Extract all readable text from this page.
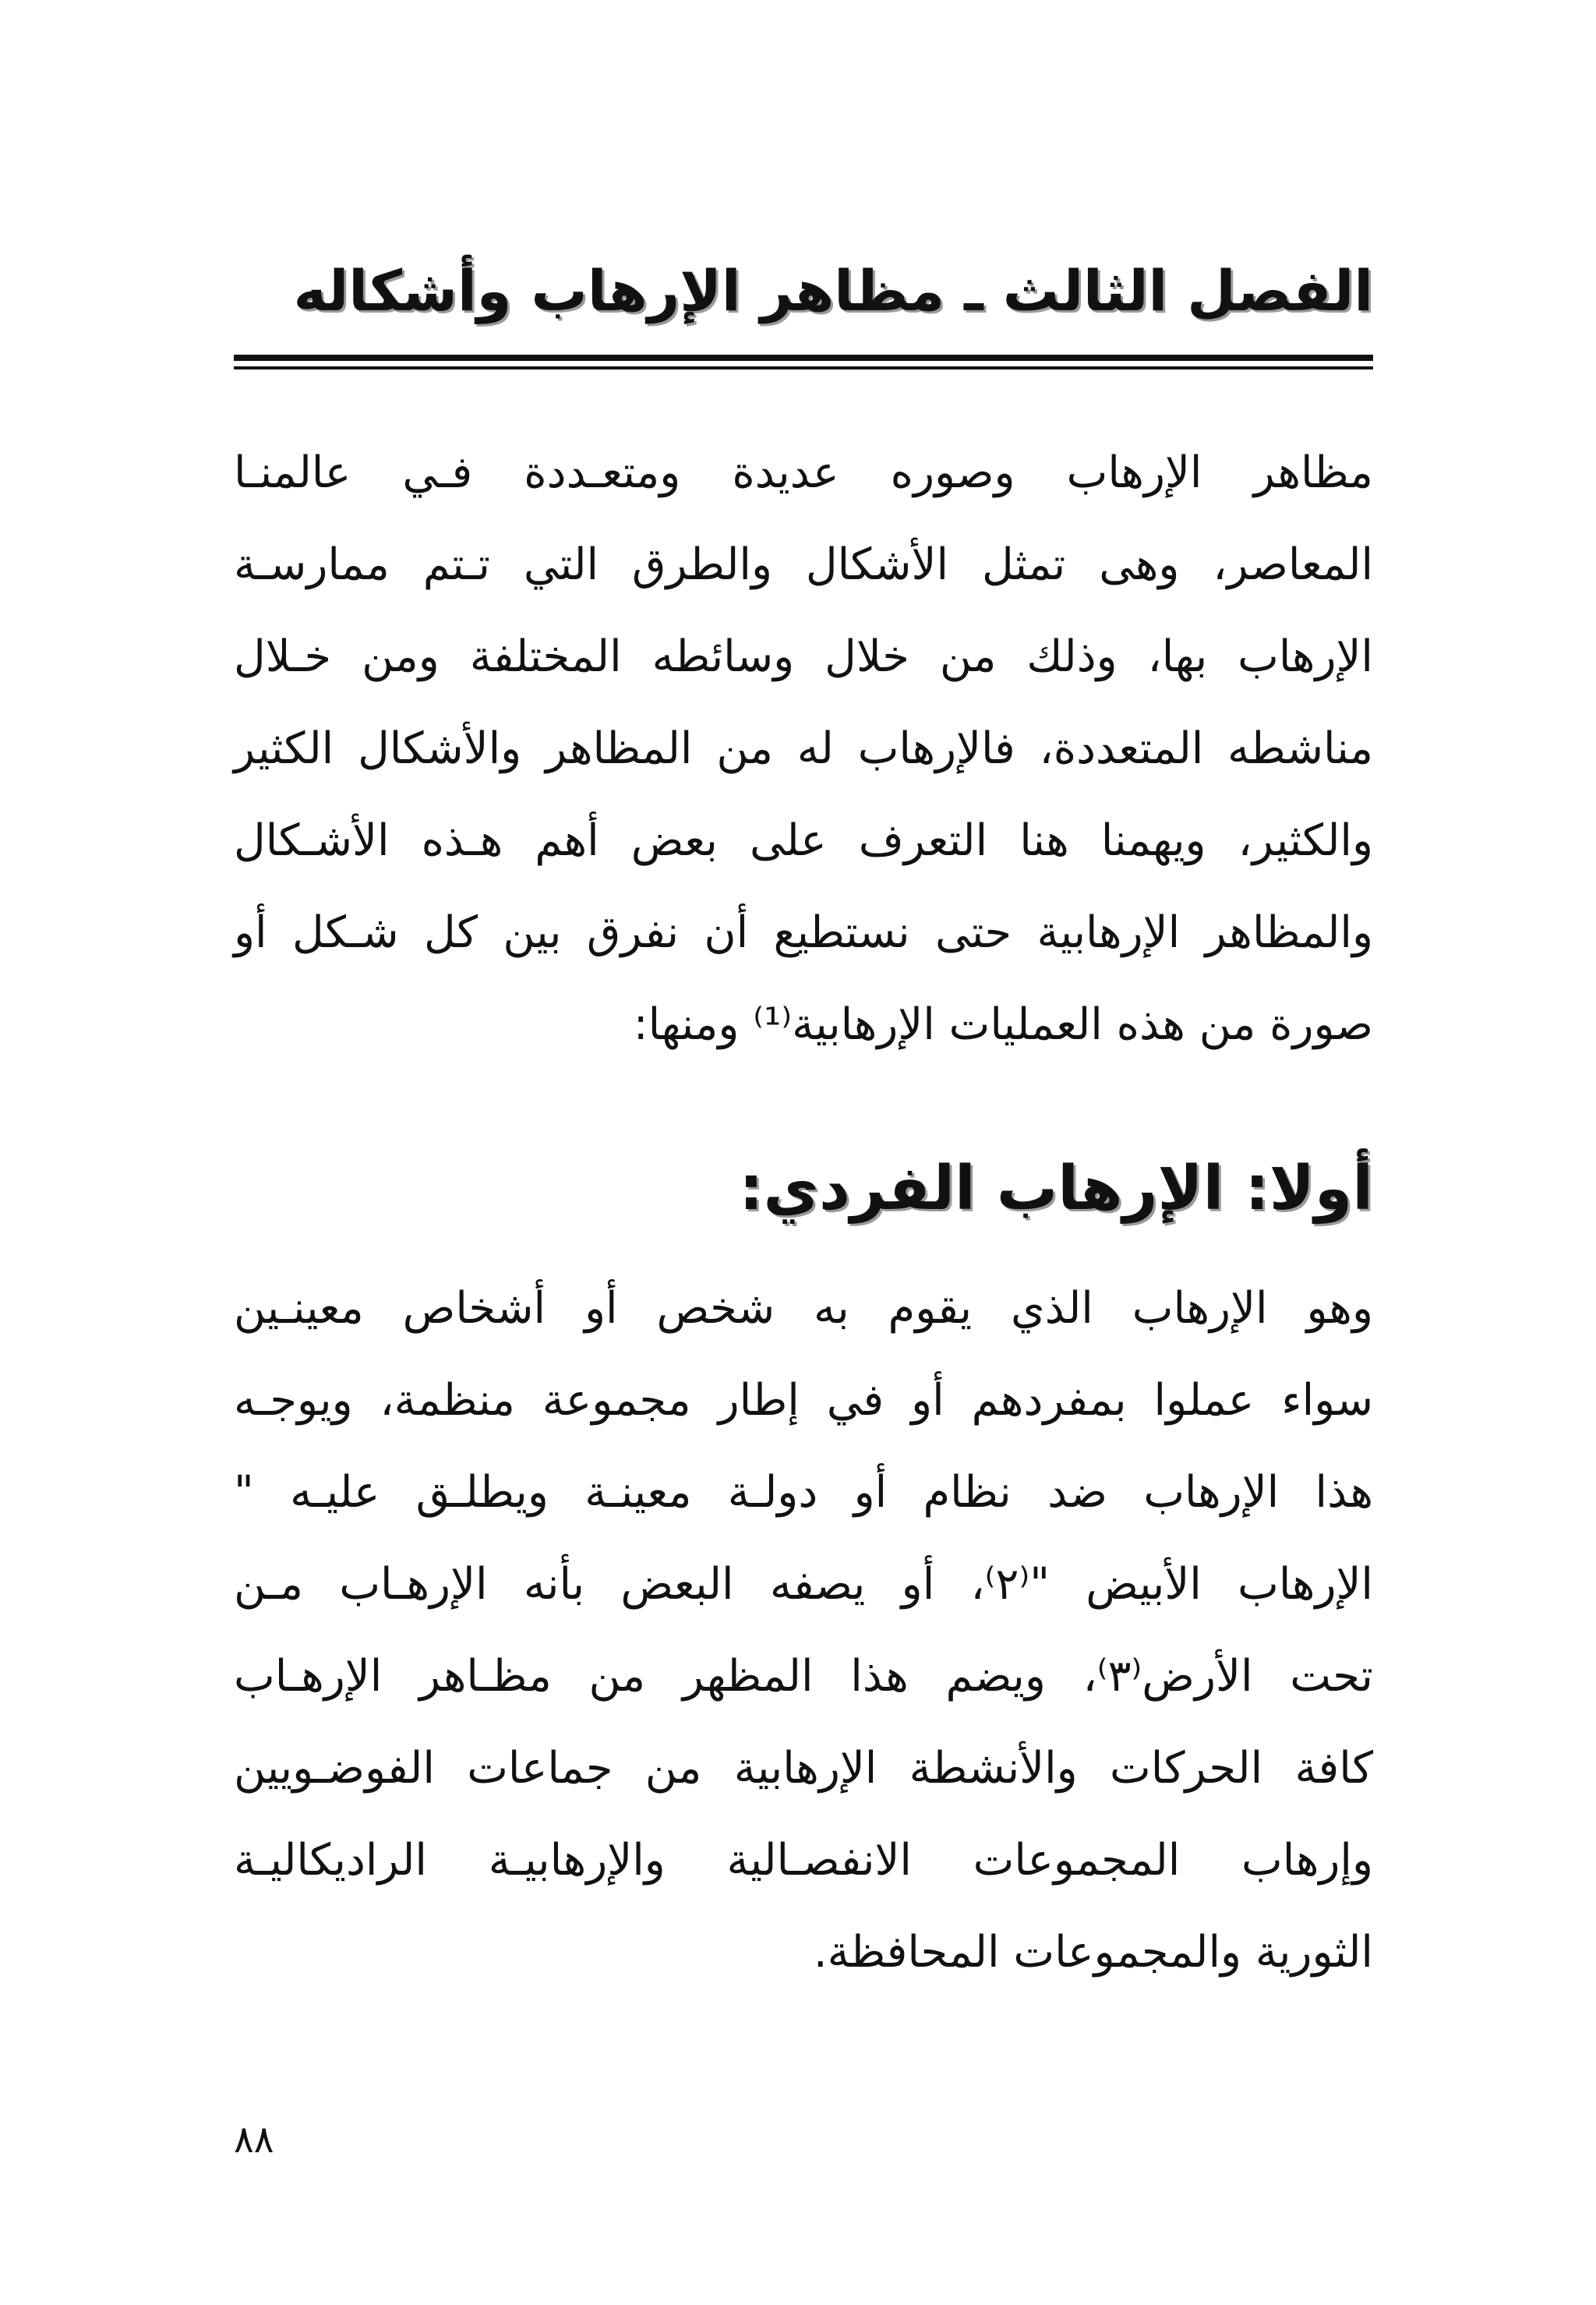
الفصل الثالث ـ مظاهر الإرهاب وأشكاله
مظاهر الإرهاب وصوره عديدة ومتعـددة فـي عالمنـا
المعاصر، وهى تمثل الأشكال والطرق التي تـتم ممارسـة
الإرهاب بها، وذلك من خلال وسائطه المختلفة ومن خـلال
مناشطه المتعددة، فالإرهاب له من المظاهر والأشكال الكثير
والكثير، ويهمنا هنا التعرف على بعض أهم هـذه الأشـكال
والمظاهر الإرهابية حتى نستطيع أن نفرق بين كل شـكل أو
صورة من هذه العمليات الإرهابية⁽¹⁾ ومنها:
أولا: الإرهاب الفردي:
وهو الإرهاب الذي يقوم به شخص أو أشخاص معينـين
سواء عملوا بمفردهم أو في إطار مجموعة منظمة، ويوجـه
هذا الإرهاب ضد نظام أو دولـة معينـة ويطلـق عليـه "
الإرهاب الأبيض "⁽٢⁾، أو يصفه البعض بأنه الإرهـاب مـن
تحت الأرض⁽٣⁾، ويضم هذا المظهر من مظـاهر الإرهـاب
كافة الحركات والأنشطة الإرهابية من جماعات الفوضـويين
وإرهاب المجموعات الانفصـالية والإرهابيـة الراديكاليـة
الثورية والمجموعات المحافظة.
٨٨
